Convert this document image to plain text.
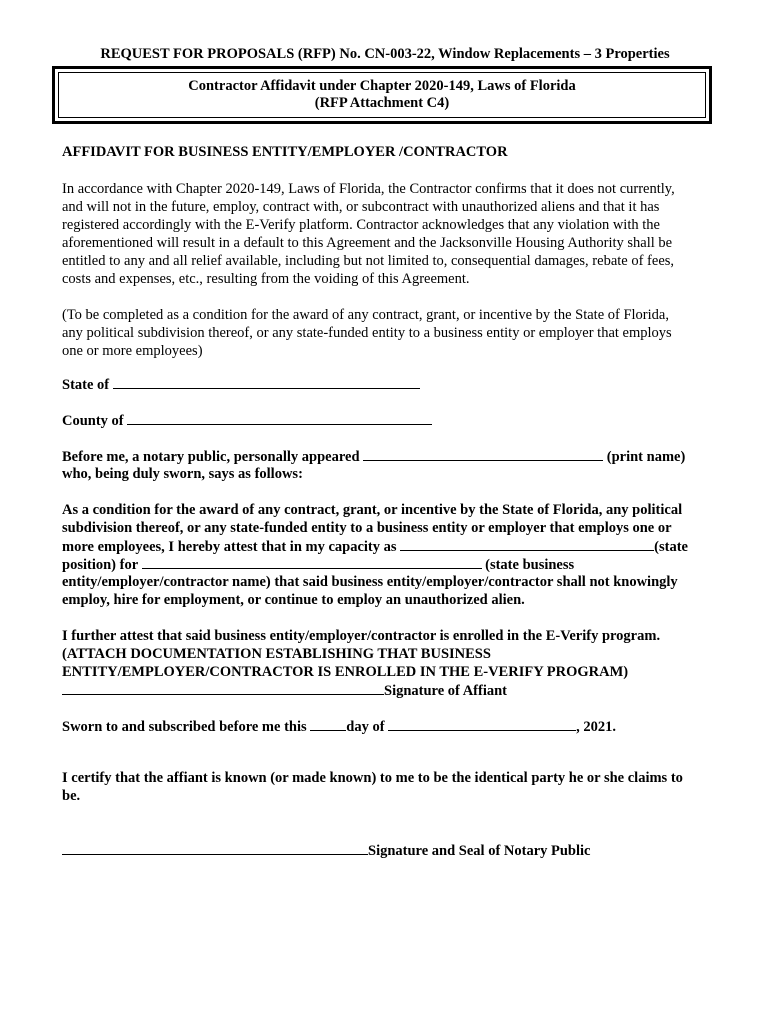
REQUEST FOR PROPOSALS (RFP) No. CN-003-22, Window Replacements – 3 Properties
Contractor Affidavit under Chapter 2020-149, Laws of Florida
(RFP Attachment C4)
AFFIDAVIT FOR BUSINESS ENTITY/EMPLOYER /CONTRACTOR
In accordance with Chapter 2020-149, Laws of Florida, the Contractor confirms that it does not currently,
and will not in the future, employ, contract with, or subcontract with unauthorized aliens and that it has
registered accordingly with the E-Verify platform. Contractor acknowledges that any violation with the
aforementioned will result in a default to this Agreement and the Jacksonville Housing Authority shall be
entitled to any and all relief available, including but not limited to, consequential damages, rebate of fees,
costs and expenses, etc., resulting from the voiding of this Agreement.
(To be completed as a condition for the award of any contract, grant, or incentive by the State of Florida,
any political subdivision thereof, or any state-funded entity to a business entity or employer that employs
one or more employees)
State of
County of
Before me, a notary public, personally appeared	(print name)
who, being duly sworn, says as follows:
As a condition for the award of any contract, grant, or incentive by the State of Florida, any political
subdivision thereof, or any state-funded entity to a business entity or employer that employs one or
more employees, I hereby attest that in my capacity as	(state
position) for	(state business
entity/employer/contractor name) that said business entity/employer/contractor shall not knowingly
employ, hire for employment, or continue to employ an unauthorized alien.
I further attest that said business entity/employer/contractor is enrolled in the E-Verify program.
(ATTACH DOCUMENTATION ESTABLISHING THAT BUSINESS
ENTITY/EMPLOYER/CONTRACTOR IS ENROLLED IN THE E-VERIFY PROGRAM)
Signature of Affiant
Sworn to and subscribed before me this	day of	, 2021.
I certify that the affiant is known (or made known) to me to be the identical party he or she claims to
be.
Signature and Seal of Notary Public
